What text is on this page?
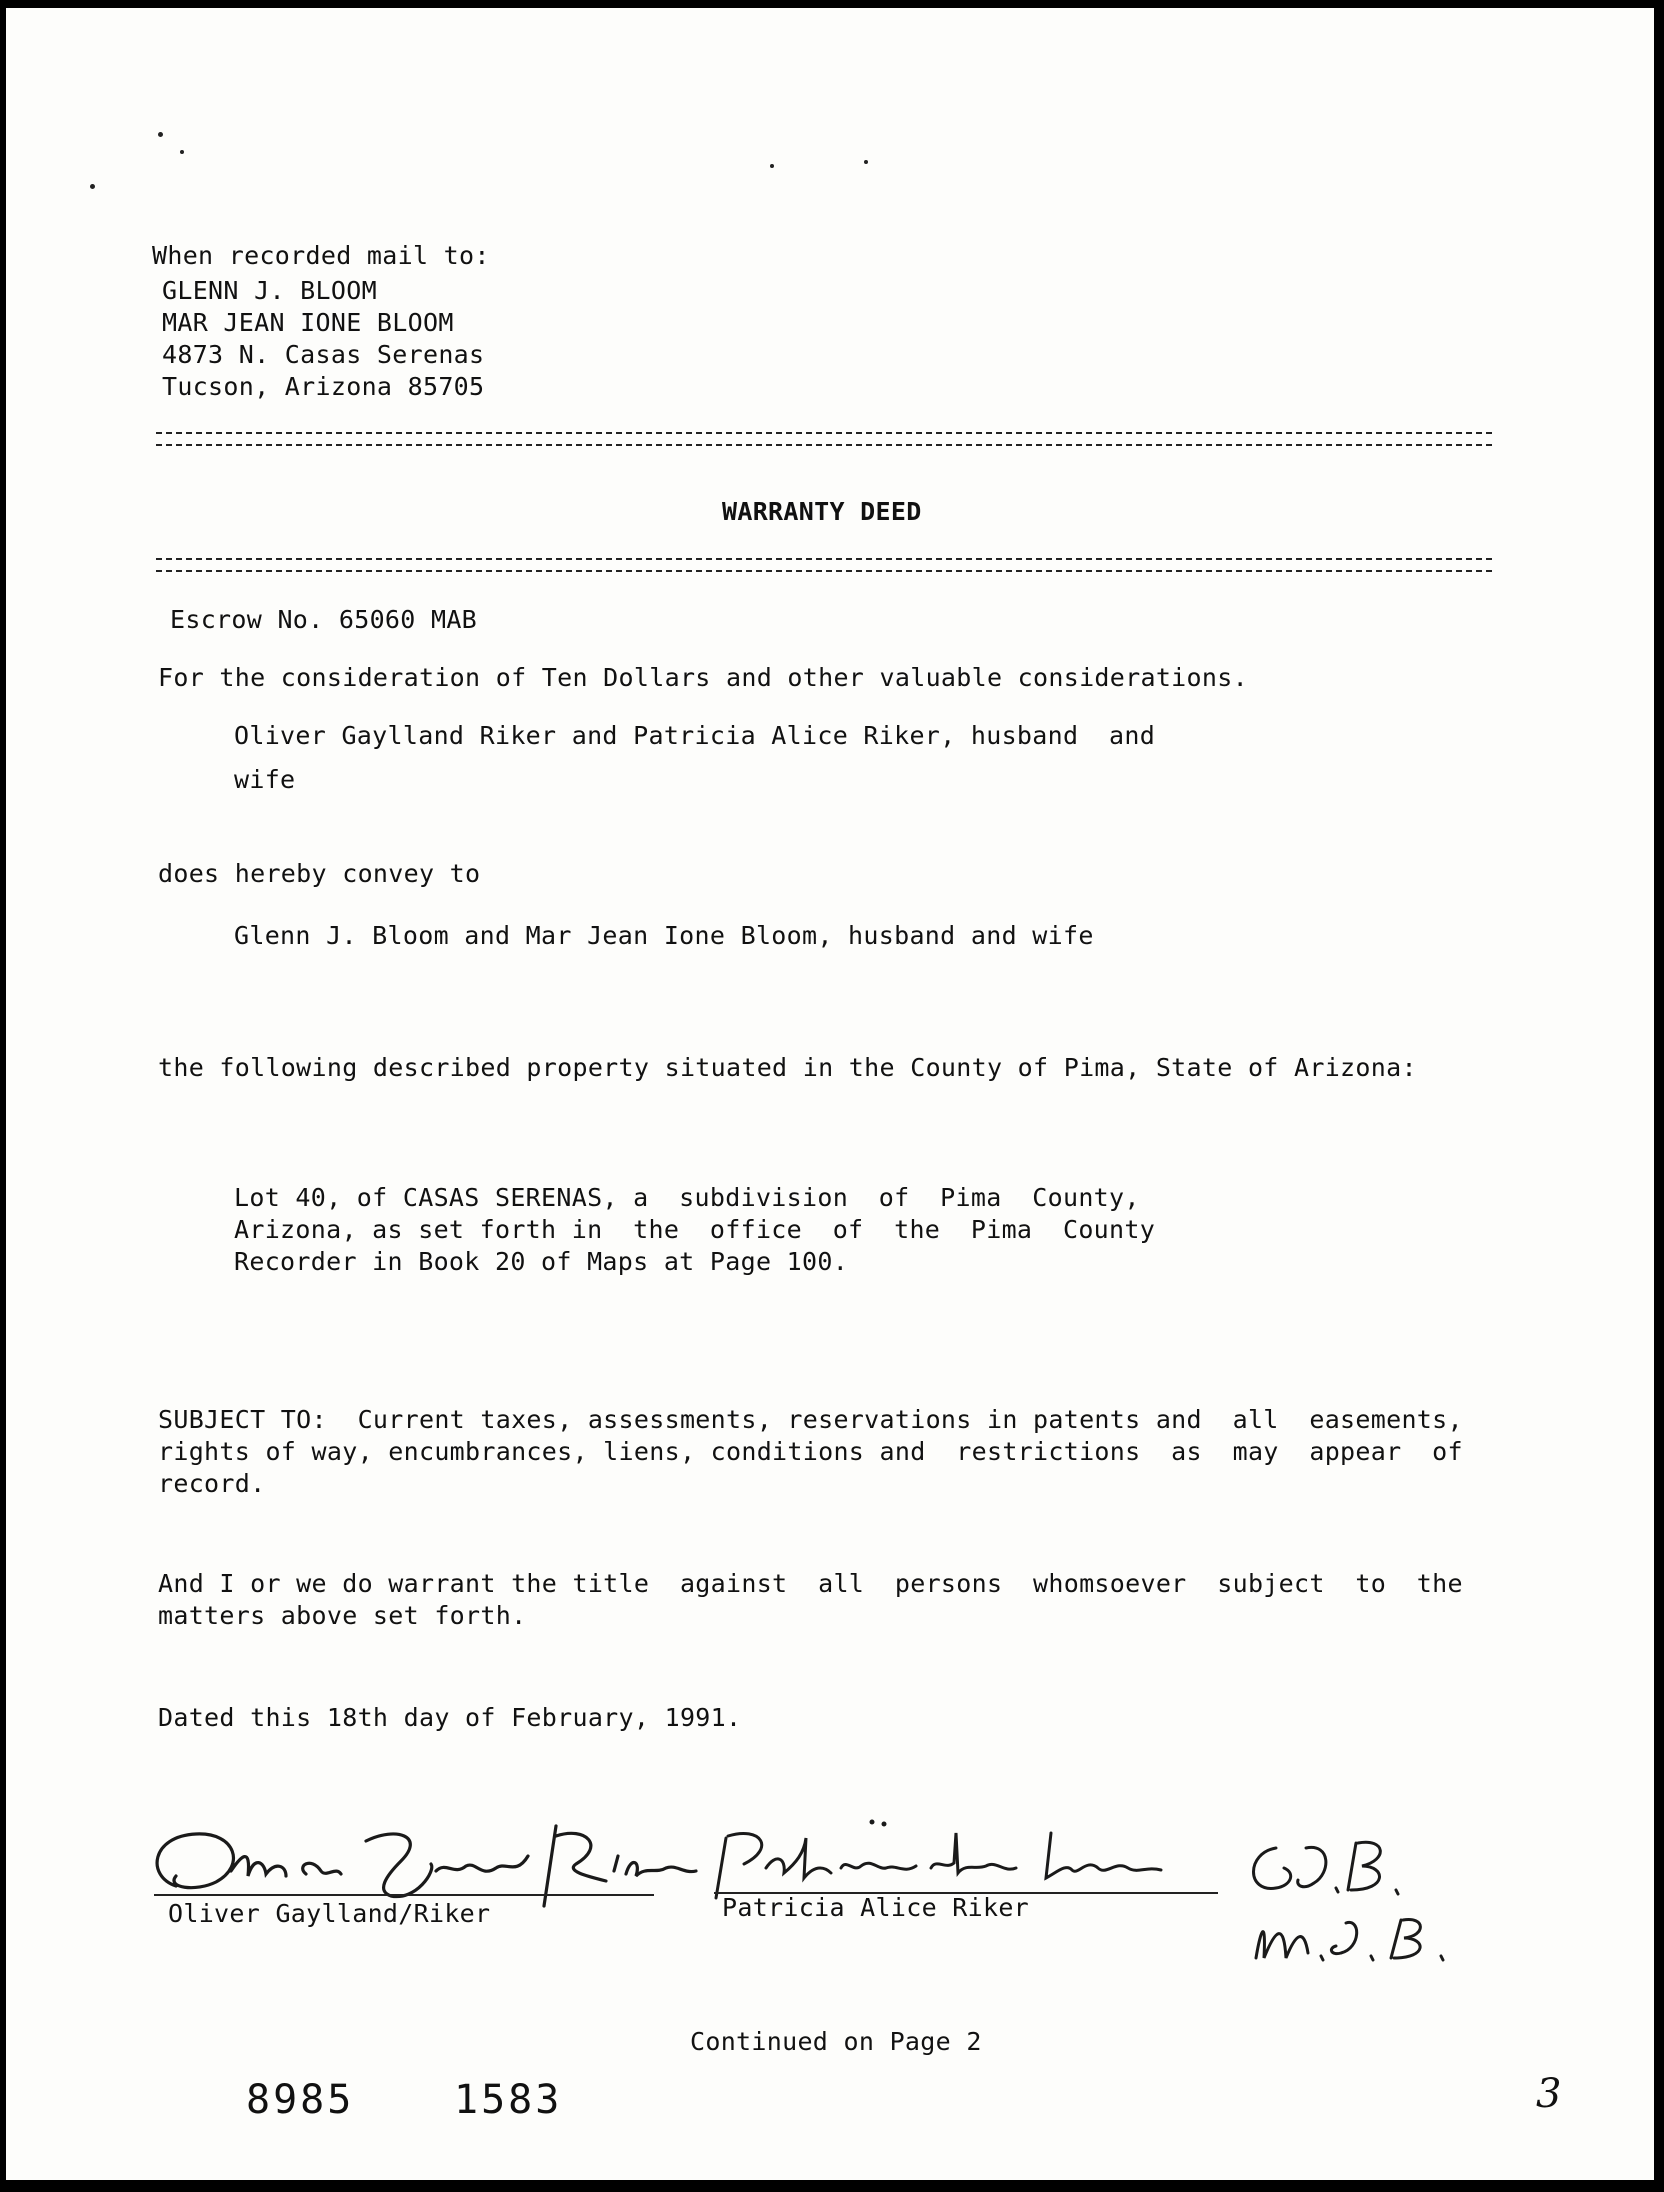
When recorded mail to:
GLENN J. BLOOM
MAR JEAN IONE BLOOM
4873 N. Casas Serenas
Tucson, Arizona 85705
WARRANTY DEED
Escrow No. 65060 MAB
For the consideration of Ten Dollars and other valuable considerations.
Oliver Gaylland Riker and Patricia Alice Riker, husband  and
wife
does hereby convey to
Glenn J. Bloom and Mar Jean Ione Bloom, husband and wife
the following described property situated in the County of Pima, State of Arizona:
Lot 40, of CASAS SERENAS, a  subdivision  of  Pima  County,
Arizona, as set forth in  the  office  of  the  Pima  County
Recorder in Book 20 of Maps at Page 100.
SUBJECT TO:  Current taxes, assessments, reservations in patents and  all  easements,
rights of way, encumbrances, liens, conditions and  restrictions  as  may  appear  of
record.
And I or we do warrant the title  against  all  persons  whomsoever  subject  to  the
matters above set forth.
Dated this 18th day of February, 1991.
Oliver Gaylland/Riker	Patricia Alice Riker
Continued on Page 2
8985 1583	3
